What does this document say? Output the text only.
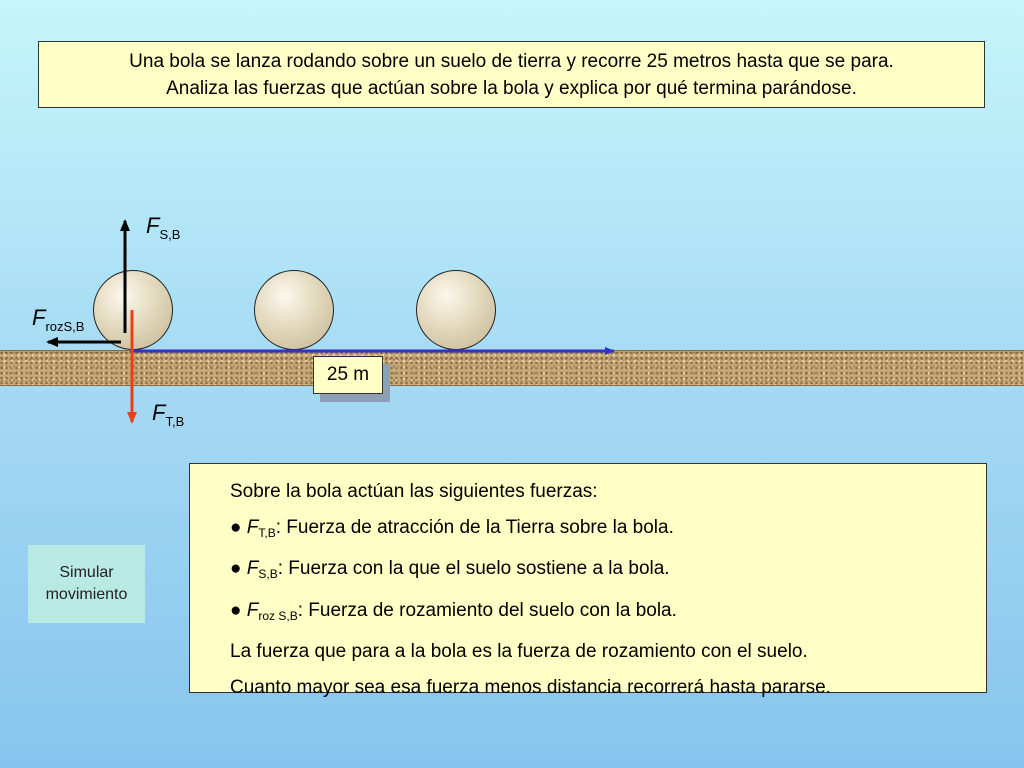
Una bola se lanza rodando sobre un suelo de tierra y recorre 25 metros hasta que se para.
Analiza las fuerzas que actúan sobre la bola y explica por qué termina parándose.
$F_{S,B}$
$F_{rozS,B}$
$F_{T,B}$
25 m
Simular
movimiento

Sobre la bola actúan las siguientes fuerzas:

● $F_{T,B}$: Fuerza de atracción de la Tierra sobre la bola.

● $F_{S,B}$: Fuerza con la que el suelo sostiene a la bola.

● $F_{roz S,B}$: Fuerza de rozamiento del suelo con la bola.

La fuerza que para a la bola es la fuerza de rozamiento con el suelo.

Cuanto mayor sea esa fuerza menos distancia recorrerá hasta pararse.
